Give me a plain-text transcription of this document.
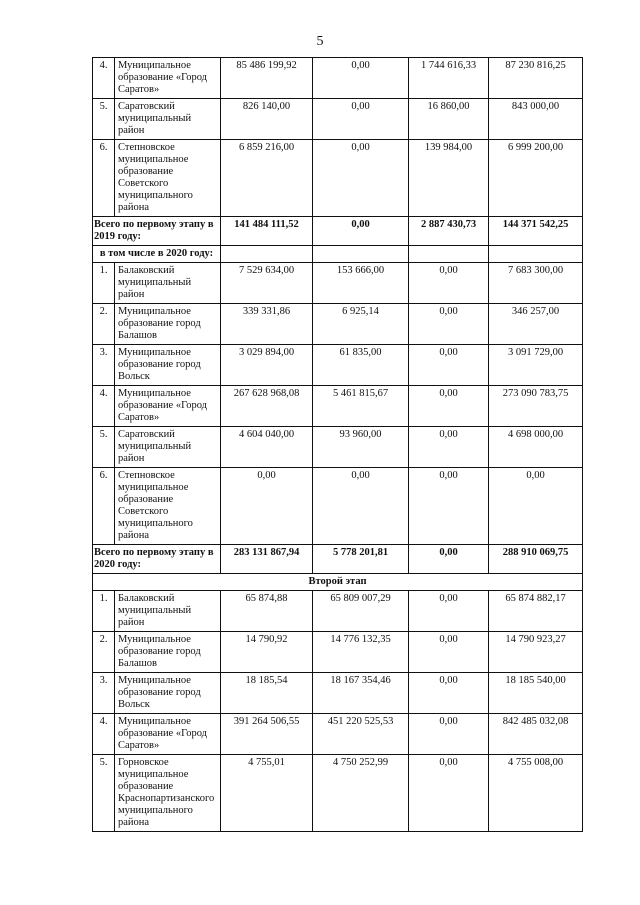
5
4.	Муниципальное образование «Город Саратов»	85 486 199,92	0,00	1 744 616,33	87 230 816,25
5.	Саратовский муниципальный район	826 140,00	0,00	16 860,00	843 000,00
6.	Степновское муниципальное образование Советского муниципального района	6 859 216,00	0,00	139 984,00	6 999 200,00
Всего по первому этапу в 2019 году:		141 484 111,52	0,00	2 887 430,73	144 371 542,25
в том числе в 2020 году:					
1.	Балаковский муниципальный район	7 529 634,00	153 666,00	0,00	7 683 300,00
2.	Муниципальное образование город Балашов	339 331,86	6 925,14	0,00	346 257,00
3.	Муниципальное образование город Вольск	3 029 894,00	61 835,00	0,00	3 091 729,00
4.	Муниципальное образование «Город Саратов»	267 628 968,08	5 461 815,67	0,00	273 090 783,75
5.	Саратовский муниципальный район	4 604 040,00	93 960,00	0,00	4 698 000,00
6.	Степновское муниципальное образование Советского муниципального района	0,00	0,00	0,00	0,00
Всего по первому этапу в 2020 году:		283 131 867,94	5 778 201,81	0,00	288 910 069,75
Второй этап					
1.	Балаковский муниципальный район	65 874,88	65 809 007,29	0,00	65 874 882,17
2.	Муниципальное образование город Балашов	14 790,92	14 776 132,35	0,00	14 790 923,27
3.	Муниципальное образование город Вольск	18 185,54	18 167 354,46	0,00	18 185 540,00
4.	Муниципальное образование «Город Саратов»	391 264 506,55	451 220 525,53	0,00	842 485 032,08
5.	Горновское муниципальное образование Краснопартизанского муниципального района	4 755,01	4 750 252,99	0,00	4 755 008,00
